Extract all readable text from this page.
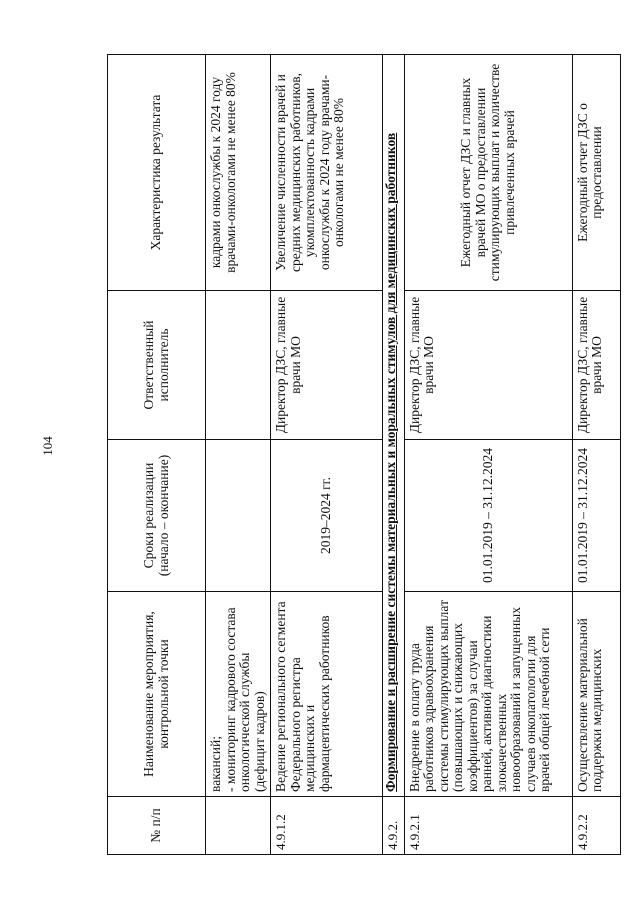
104
№ п/п	Наименование мероприятия, контрольной точки	Сроки реализации (начало – окончание)	Ответственный исполнитель	Характеристика результата

	вакансий; - мониторинг кадрового состава онкологической службы (дефицит кадров)			кадрами онкослужбы к 2024 году врачами-онкологами не менее 80%
4.9.1.2	Ведение регионального сегмента Федерального регистра медицинских и фармацевтических работников	2019–2024 гг.	Директор ДЗС, главные врачи МО	Увеличение численности врачей и средних медицинских работников, укомплектованность кадрами онкослужбы к 2024 году врачами-онкологами не менее 80%
4.9.2.	Формирование и расширение системы материальных и моральных стимулов для медицинских работников			
4.9.2.1	Внедрение в оплату труда работников здравоохранения системы стимулирующих выплат (повышающих и снижающих коэффициентов) за случаи ранней, активной диагностики злокачественных новообразований и запущенных случаев онкопатологии для врачей общей лечебной сети	01.01.2019 – 31.12.2024	Директор ДЗС, главные врачи МО	Ежегодный отчет ДЗС и главных врачей МО о предоставлении стимулирующих выплат и количестве привлеченных врачей
4.9.2.2	Осуществление материальной поддержки медицинских	01.01.2019 – 31.12.2024	Директор ДЗС, главные врачи МО	Ежегодный отчет ДЗС о предоставлении
